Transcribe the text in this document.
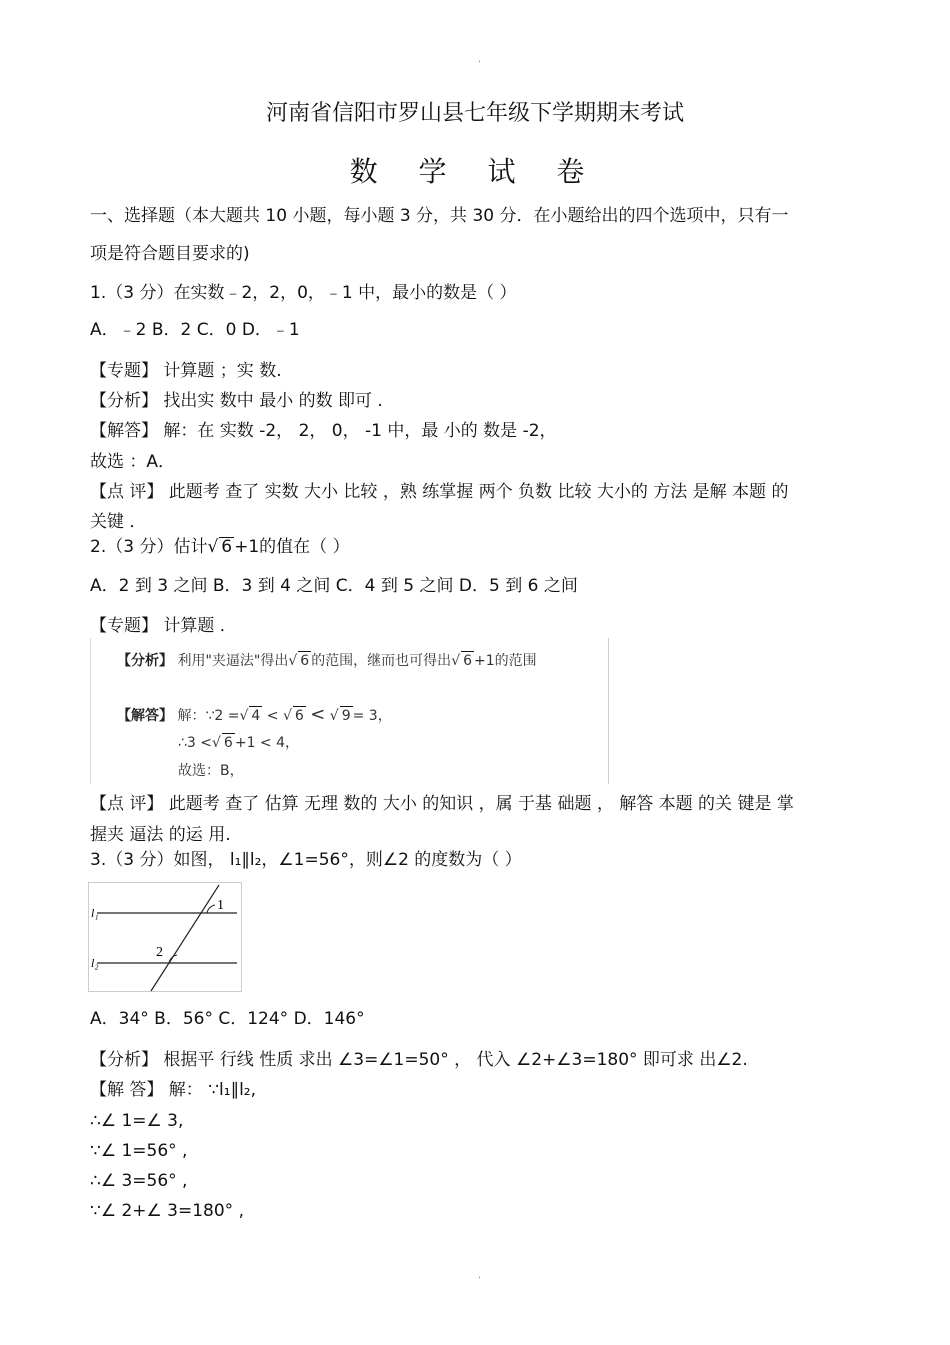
.
河南省信阳市罗山县七年级下学期期末考试
数 学 试 卷
一、选择题（本大题共 10 小题，每小题 3 分，共 30 分．在小题给出的四个选项中，只有一
项是符合题目要求的)
1.（3 分）在实数﹣2，2，0，﹣1 中，最小的数是（ ）
A．﹣2 B．2 C．0 D．﹣1
【专题】 计算题 ；实 数.
【分析】 找出实 数中 最小 的数 即可 .
【解答】 解：在 实数 -2， 2， 0， -1 中，最 小的 数是 -2，
故选 ：A．
【点 评】 此题考 查了 实数 大小 比较 ，熟 练掌握 两个 负数 比较 大小的 方法 是解 本题 的
关键 ．
2.（3 分）估计√ 6 +1的值在（ ）
A．2 到 3 之间 B．3 到 4 之间 C．4 到 5 之间 D．5 到 6 之间
【专题】 计算题 ．
【分析】 利用"夹逼法"得出√ 6 的范围，继而也可得出√ 6 +1的范围
【解答】 解：∵2 =√ 4 < √ 6 < √ 9 = 3，
∴3 <√ 6 +1 < 4，
故选：B，
【点 评】 此题考 查了 估算 无理 数的 大小 的知识 ，属 于基 础题 ， 解答 本题 的关 键是 掌
握夹 逼法 的运 用.
3.（3 分）如图， l₁∥l₂，∠1=56°，则∠2 的度数为（ ）
l₁
l₂
1
2
A．34° B．56° C．124° D．146°
【分析】 根据平 行线 性质 求出 ∠3=∠1=50° ， 代入 ∠2+∠3=180° 即可求 出∠2.
【解 答】 解： ∵l₁∥l₂,
∴∠ 1=∠ 3,
∵∠ 1=56° ,
∴∠ 3=56° ,
∵∠ 2+∠ 3=180° ,
.
